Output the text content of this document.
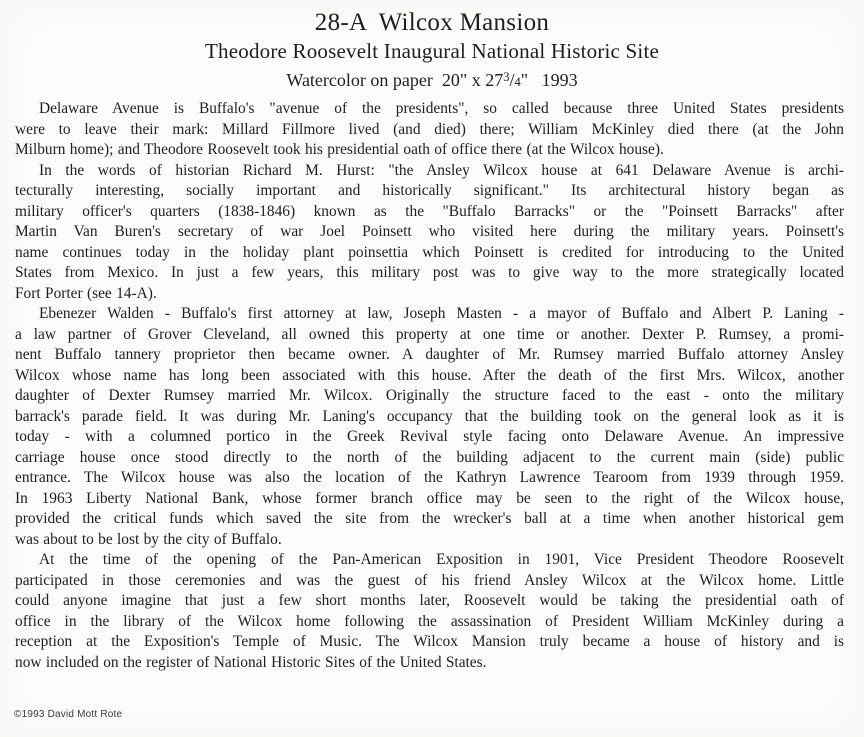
28-A  Wilcox Mansion
Theodore Roosevelt Inaugural National Historic Site
Watercolor on paper  20" x $27^3/4$"   1993
Delaware Avenue is Buffalo's "avenue of the presidents", so called because three United States presidents
were to leave their mark: Millard Fillmore lived (and died) there; William McKinley died there (at the John
Milburn home); and Theodore Roosevelt took his presidential oath of office there (at the Wilcox house).
In the words of historian Richard M. Hurst: "the Ansley Wilcox house at 641 Delaware Avenue is archi-
tecturally interesting, socially important and historically significant." Its architectural history began as
military officer's quarters (1838-1846) known as the "Buffalo Barracks" or the "Poinsett Barracks" after
Martin Van Buren's secretary of war Joel Poinsett who visited here during the military years. Poinsett's
name continues today in the holiday plant poinsettia which Poinsett is credited for introducing to the United
States from Mexico. In just a few years, this military post was to give way to the more strategically located
Fort Porter (see 14-A).
Ebenezer Walden - Buffalo's first attorney at law, Joseph Masten - a mayor of Buffalo and Albert P. Laning -
a law partner of Grover Cleveland, all owned this property at one time or another. Dexter P. Rumsey, a promi-
nent Buffalo tannery proprietor then became owner. A daughter of Mr. Rumsey married Buffalo attorney Ansley
Wilcox whose name has long been associated with this house. After the death of the first Mrs. Wilcox, another
daughter of Dexter Rumsey married Mr. Wilcox. Originally the structure faced to the east - onto the military
barrack's parade field. It was during Mr. Laning's occupancy that the building took on the general look as it is
today - with a columned portico in the Greek Revival style facing onto Delaware Avenue. An impressive
carriage house once stood directly to the north of the building adjacent to the current main (side) public
entrance. The Wilcox house was also the location of the Kathryn Lawrence Tearoom from 1939 through 1959.
In 1963 Liberty National Bank, whose former branch office may be seen to the right of the Wilcox house,
provided the critical funds which saved the site from the wrecker's ball at a time when another historical gem
was about to be lost by the city of Buffalo.
At the time of the opening of the Pan-American Exposition in 1901, Vice President Theodore Roosevelt
participated in those ceremonies and was the guest of his friend Ansley Wilcox at the Wilcox home. Little
could anyone imagine that just a few short months later, Roosevelt would be taking the presidential oath of
office in the library of the Wilcox home following the assassination of President William McKinley during a
reception at the Exposition's Temple of Music. The Wilcox Mansion truly became a house of history and is
now included on the register of National Historic Sites of the United States.
©1993 David Mott Rote
